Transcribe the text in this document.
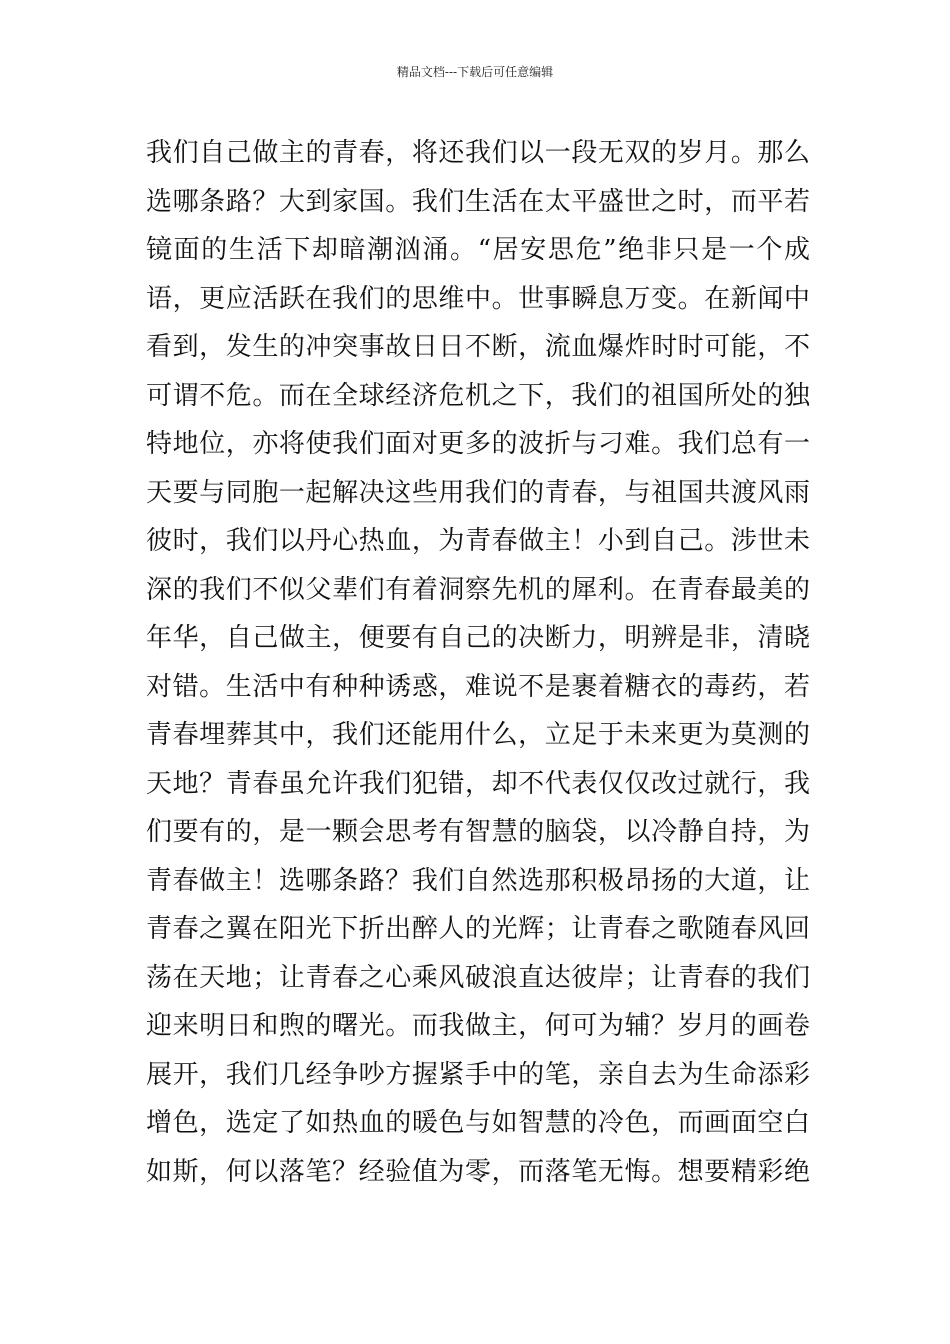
精品文档---下载后可任意编辑
我们自己做主的青春，将还我们以一段无双的岁月。那么
选哪条路？大到家国。我们生活在太平盛世之时，而平若
镜面的生活下却暗潮汹涌。“居安思危”绝非只是一个成
语，更应活跃在我们的思维中。世事瞬息万变。在新闻中
看到，发生的冲突事故日日不断，流血爆炸时时可能，不
可谓不危。而在全球经济危机之下，我们的祖国所处的独
特地位，亦将使我们面对更多的波折与刁难。我们总有一
天要与同胞一起解决这些用我们的青春，与祖国共渡风雨
彼时，我们以丹心热血，为青春做主！小到自己。涉世未
深的我们不似父辈们有着洞察先机的犀利。在青春最美的
年华，自己做主，便要有自己的决断力，明辨是非，清晓
对错。生活中有种种诱惑，难说不是裹着糖衣的毒药，若
青春埋葬其中，我们还能用什么，立足于未来更为莫测的
天地？青春虽允许我们犯错，却不代表仅仅改过就行，我
们要有的，是一颗会思考有智慧的脑袋，以冷静自持，为
青春做主！选哪条路？我们自然选那积极昂扬的大道，让
青春之翼在阳光下折出醉人的光辉；让青春之歌随春风回
荡在天地；让青春之心乘风破浪直达彼岸；让青春的我们
迎来明日和煦的曙光。而我做主，何可为辅？岁月的画卷
展开，我们几经争吵方握紧手中的笔，亲自去为生命添彩
增色，选定了如热血的暖色与如智慧的冷色，而画面空白
如斯，何以落笔？经验值为零，而落笔无悔。想要精彩绝
